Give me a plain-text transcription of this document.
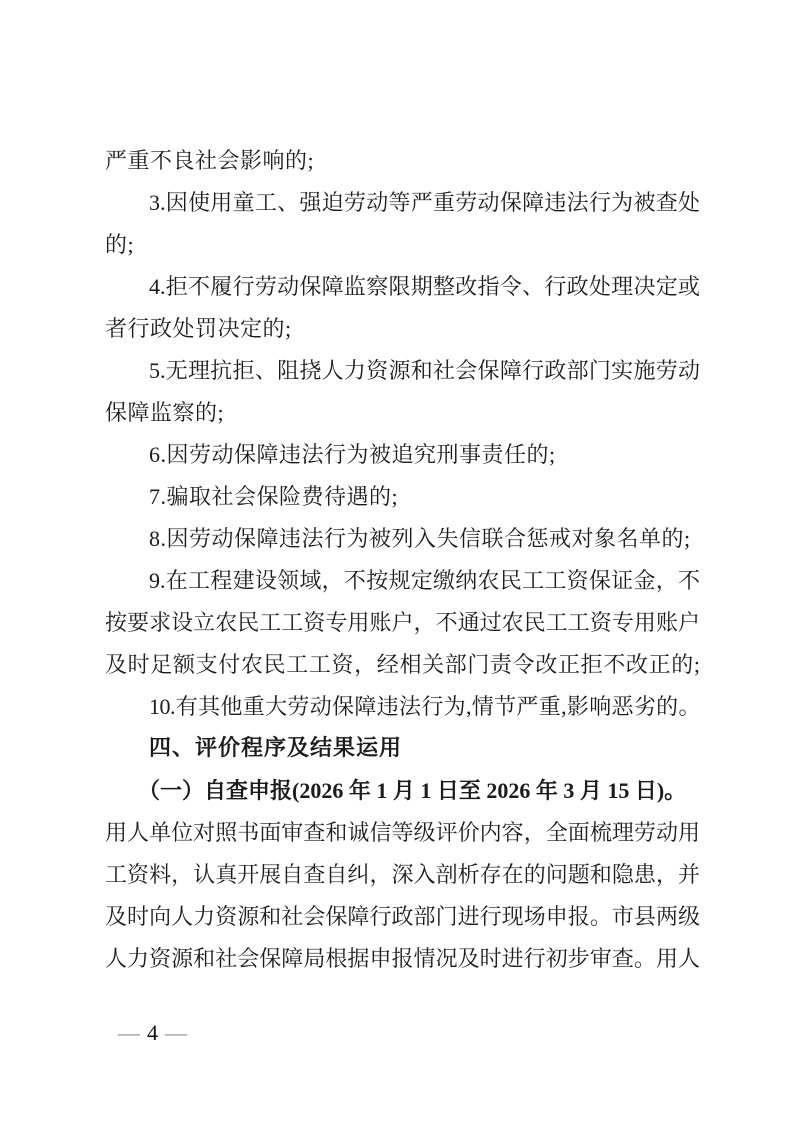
严重不良社会影响的;
3.因使用童工、强迫劳动等严重劳动保障违法行为被查处
的;
4.拒不履行劳动保障监察限期整改指令、行政处理决定或
者行政处罚决定的;
5.无理抗拒、阻挠人力资源和社会保障行政部门实施劳动
保障监察的;
6.因劳动保障违法行为被追究刑事责任的;
7.骗取社会保险费待遇的;
8.因劳动保障违法行为被列入失信联合惩戒对象名单的;
9.在工程建设领域，不按规定缴纳农民工工资保证金，不
按要求设立农民工工资专用账户，不通过农民工工资专用账户
及时足额支付农民工工资，经相关部门责令改正拒不改正的;
10.有其他重大劳动保障违法行为,情节严重,影响恶劣的。
四、评价程序及结果运用
（一）自查申报(2026 年 1 月 1 日至 2026 年 3 月 15 日)。
用人单位对照书面审查和诚信等级评价内容，全面梳理劳动用
工资料，认真开展自查自纠，深入剖析存在的问题和隐患，并
及时向人力资源和社会保障行政部门进行现场申报。市县两级
人力资源和社会保障局根据申报情况及时进行初步审查。用人
— 4 —
